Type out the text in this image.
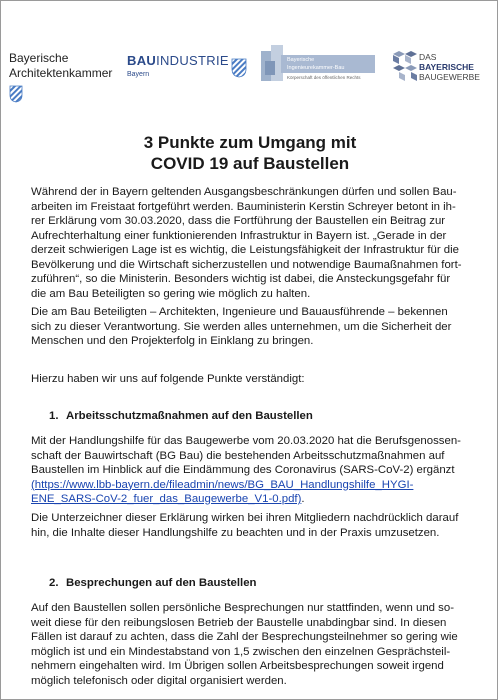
Bayerische
Architektenkammer
BAUINDUSTRIE
Bayern
Bayerische
Ingenieurekammer-Bau
Körperschaft des öffentlichen Rechts
DAS
BAYERISCHE
BAUGEWERBE
3 Punkte zum Umgang mit
COVID 19 auf Baustellen
Während der in Bayern geltenden Ausgangsbeschränkungen dürfen und sollen Bau-
arbeiten im Freistaat fortgeführt werden. Bauministerin Kerstin Schreyer betont in ih-
rer Erklärung vom 30.03.2020, dass die Fortführung der Baustellen ein Beitrag zur
Aufrechterhaltung einer funktionierenden Infrastruktur in Bayern ist. „Gerade in der
derzeit schwierigen Lage ist es wichtig, die Leistungsfähigkeit der Infrastruktur für die
Bevölkerung und die Wirtschaft sicherzustellen und notwendige Baumaßnahmen fort-
zuführen“, so die Ministerin. Besonders wichtig ist dabei, die Ansteckungsgefahr für
die am Bau Beteiligten so gering wie möglich zu halten.
Die am Bau Beteiligten – Architekten, Ingenieure und Bauausführende – bekennen
sich zu dieser Verantwortung. Sie werden alles unternehmen, um die Sicherheit der
Menschen und den Projekterfolg in Einklang zu bringen.
Hierzu haben wir uns auf folgende Punkte verständigt:
1. Arbeitsschutzmaßnahmen auf den Baustellen
Mit der Handlungshilfe für das Baugewerbe vom 20.03.2020 hat die Berufsgenossen-
schaft der Bauwirtschaft (BG Bau) die bestehenden Arbeitsschutzmaßnahmen auf
Baustellen im Hinblick auf die Eindämmung des Coronavirus (SARS-CoV-2) ergänzt
(https://www.lbb-bayern.de/fileadmin/news/BG_BAU_Handlungshilfe_HYGI-
ENE_SARS-CoV-2_fuer_das_Baugewerbe_V1-0.pdf).
Die Unterzeichner dieser Erklärung wirken bei ihren Mitgliedern nachdrücklich darauf
hin, die Inhalte dieser Handlungshilfe zu beachten und in der Praxis umzusetzen.
2. Besprechungen auf den Baustellen
Auf den Baustellen sollen persönliche Besprechungen nur stattfinden, wenn und so-
weit diese für den reibungslosen Betrieb der Baustelle unabdingbar sind. In diesen
Fällen ist darauf zu achten, dass die Zahl der Besprechungsteilnehmer so gering wie
möglich ist und ein Mindestabstand von 1,5 zwischen den einzelnen Gesprächsteil-
nehmern eingehalten wird. Im Übrigen sollen Arbeitsbesprechungen soweit irgend
möglich telefonisch oder digital organisiert werden.
